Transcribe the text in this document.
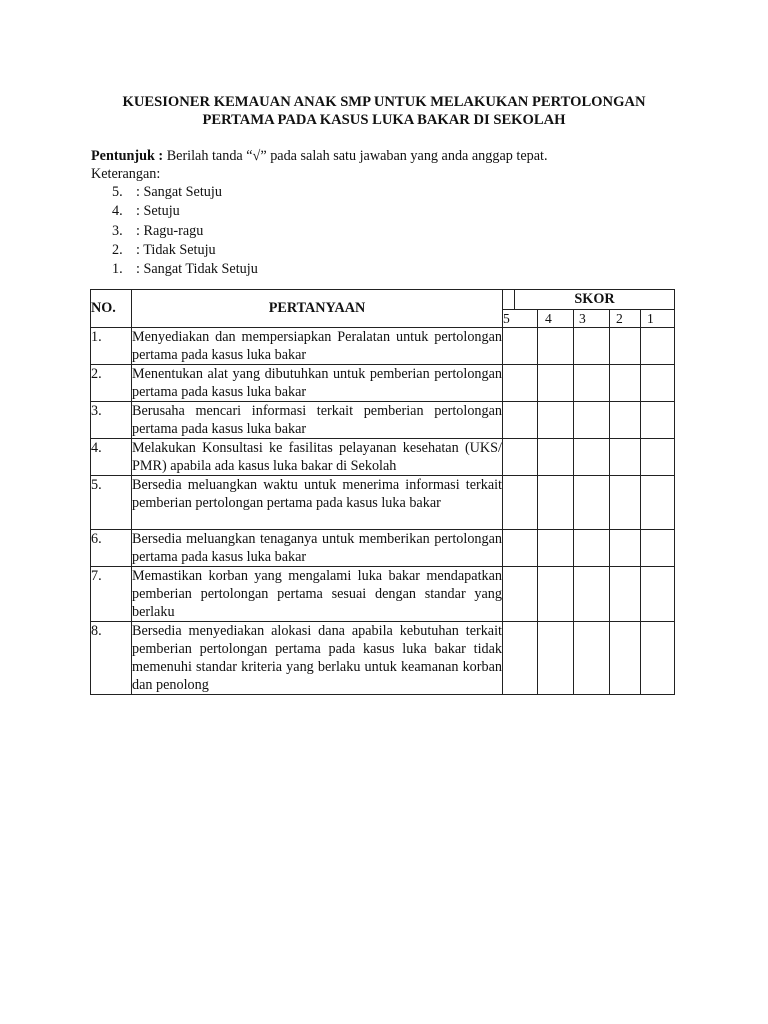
KUESIONER KEMAUAN ANAK SMP UNTUK MELAKUKAN PERTOLONGAN
PERTAMA PADA KASUS LUKA BAKAR DI SEKOLAH
Pentunjuk : Berilah tanda “√” pada salah satu jawaban yang anda anggap tepat.
Keterangan:
5. : Sangat Setuju
4. : Setuju
3. : Ragu-ragu
2. : Tidak Setuju
1. : Sangat Tidak Setuju
NO.	PERTANYAAN		SKOR				
		5		4	3	2	1
1.	Menyediakan dan mempersiapkan Peralatan untuk pertolongan pertama pada kasus luka bakar						
2.	Menentukan alat yang dibutuhkan untuk pemberian pertolongan pertama pada kasus luka bakar						
3.	Berusaha mencari informasi terkait pemberian pertolongan pertama pada kasus luka bakar						
4.	Melakukan Konsultasi ke fasilitas pelayanan kesehatan (UKS/ PMR) apabila ada kasus luka bakar di Sekolah						
5.	Bersedia meluangkan waktu untuk menerima informasi terkait pemberian pertolongan pertama pada kasus luka bakar						
6.	Bersedia meluangkan tenaganya untuk memberikan pertolongan pertama pada kasus luka bakar						
7.	Memastikan korban yang mengalami luka bakar mendapatkan pemberian pertolongan pertama sesuai dengan standar yang berlaku						
8.	Bersedia menyediakan alokasi dana apabila kebutuhan terkait pemberian pertolongan pertama pada kasus luka bakar tidak memenuhi standar kriteria yang berlaku untuk keamanan korban dan penolong						
